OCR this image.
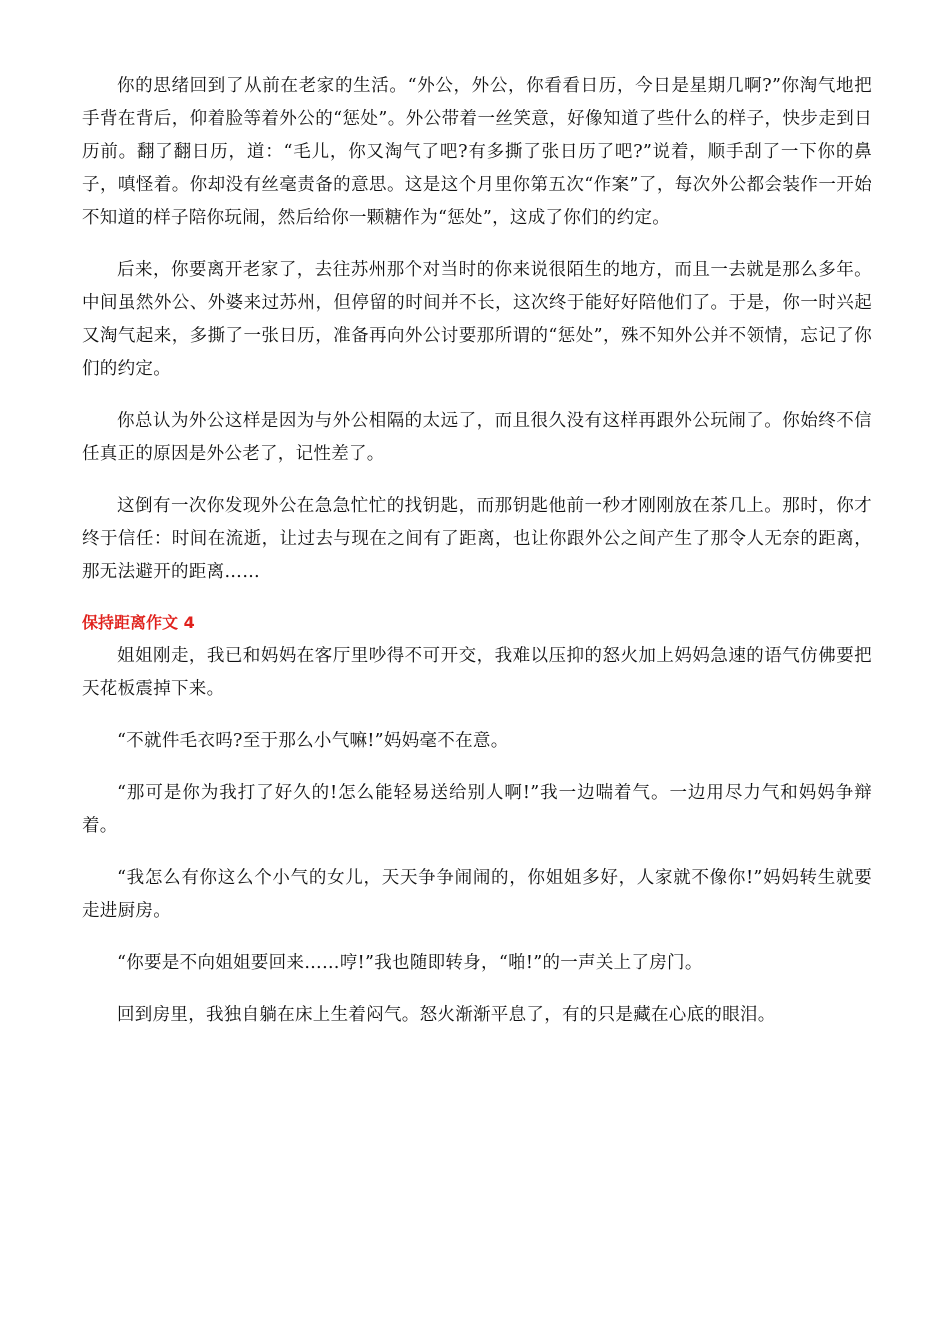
你的思绪回到了从前在老家的生活。“外公，外公，你看看日历，今日是星期几啊?”你淘气地把手背在背后，仰着脸等着外公的“惩处”。外公带着一丝笑意，好像知道了些什么的样子，快步走到日历前。翻了翻日历，道：“毛儿，你又淘气了吧?有多撕了张日历了吧?”说着，顺手刮了一下你的鼻子，嗔怪着。你却没有丝毫责备的意思。这是这个月里你第五次“作案”了，每次外公都会装作一开始不知道的样子陪你玩闹，然后给你一颗糖作为“惩处”，这成了你们的约定。

后来，你要离开老家了，去往苏州那个对当时的你来说很陌生的地方，而且一去就是那么多年。中间虽然外公、外婆来过苏州，但停留的时间并不长，这次终于能好好陪他们了。于是，你一时兴起又淘气起来，多撕了一张日历，准备再向外公讨要那所谓的“惩处”，殊不知外公并不领情，忘记了你们的约定。

你总认为外公这样是因为与外公相隔的太远了，而且很久没有这样再跟外公玩闹了。你始终不信任真正的原因是外公老了，记性差了。

这倒有一次你发现外公在急急忙忙的找钥匙，而那钥匙他前一秒才刚刚放在茶几上。那时，你才终于信任：时间在流逝，让过去与现在之间有了距离，也让你跟外公之间产生了那令人无奈的距离，那无法避开的距离……

保持距离作文 4

姐姐刚走，我已和妈妈在客厅里吵得不可开交，我难以压抑的怒火加上妈妈急速的语气仿佛要把天花板震掉下来。

“不就件毛衣吗?至于那么小气嘛!”妈妈毫不在意。

“那可是你为我打了好久的!怎么能轻易送给别人啊!”我一边喘着气。一边用尽力气和妈妈争辩着。

“我怎么有你这么个小气的女儿，天天争争闹闹的，你姐姐多好，人家就不像你!”妈妈转生就要走进厨房。

“你要是不向姐姐要回来……哼!”我也随即转身，“啪!”的一声关上了房门。

回到房里，我独自躺在床上生着闷气。怒火渐渐平息了，有的只是藏在心底的眼泪。
